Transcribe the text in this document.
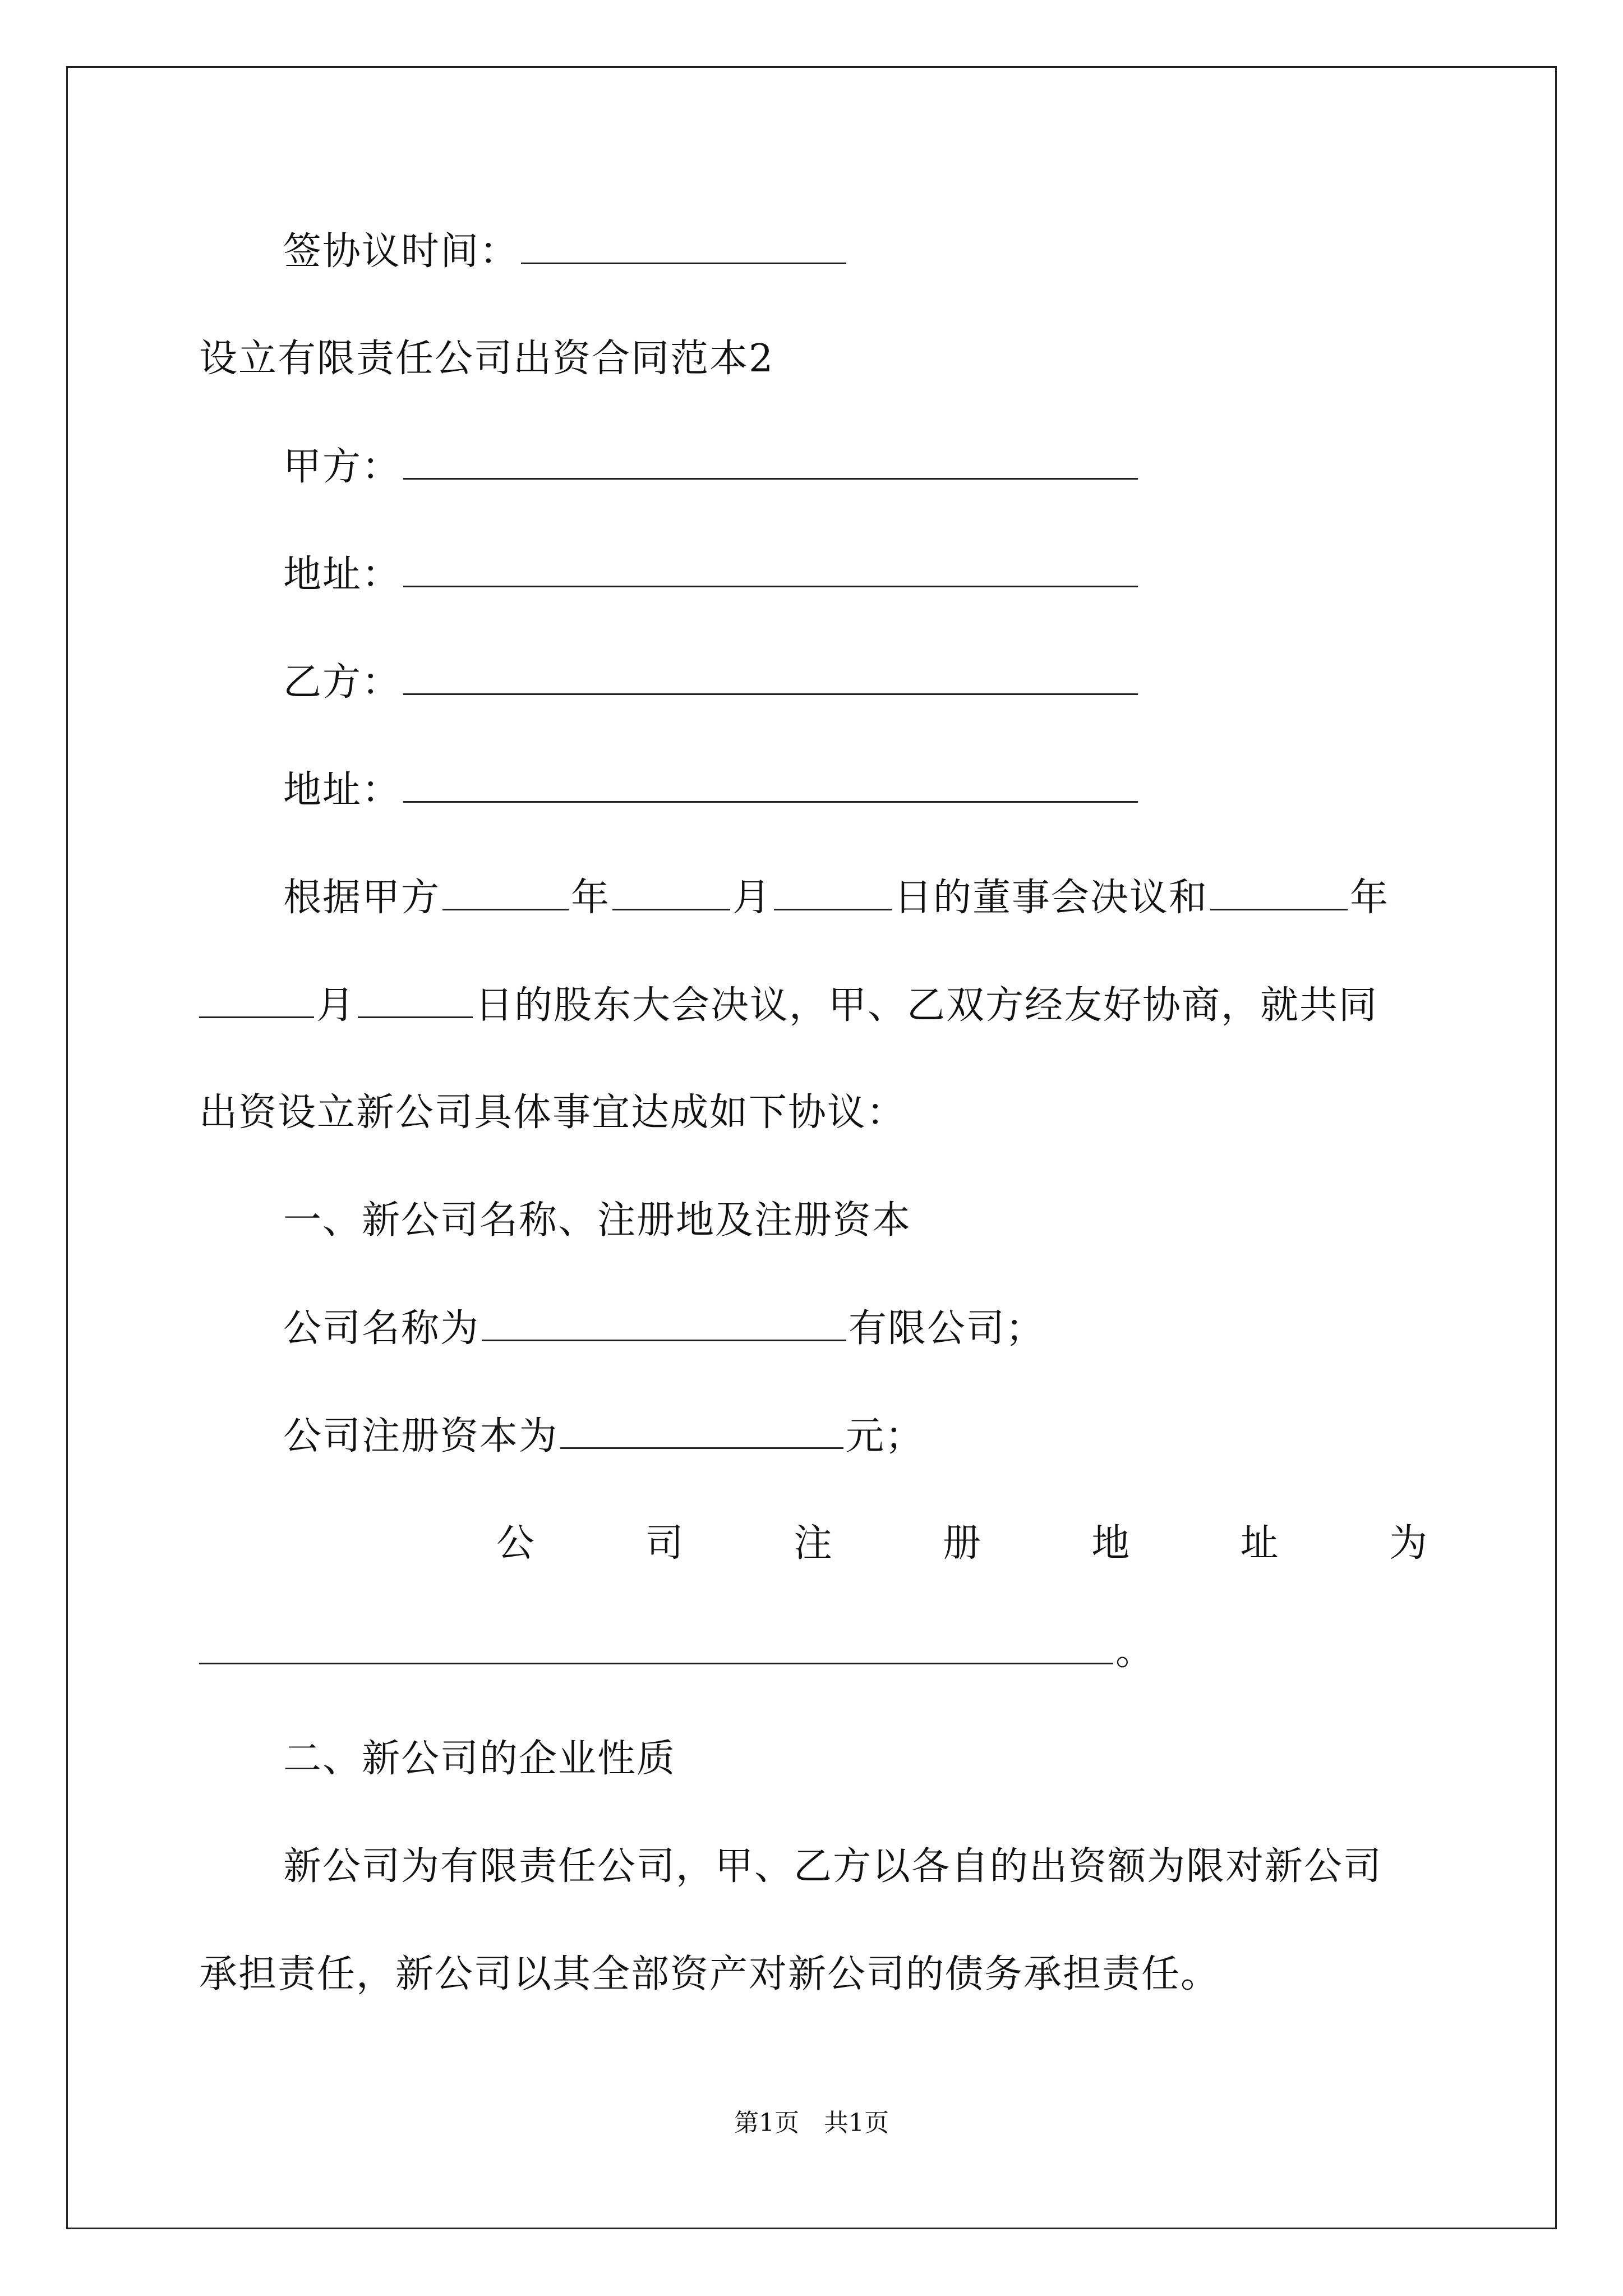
签协议时间：
设立有限责任公司出资合同范本2
甲方：
地址：
乙方：
地址：
根据甲方	年	月	日的董事会决议和	年
月	日的股东大会决议，甲、乙双方经友好协商，就共同
出资设立新公司具体事宜达成如下协议：
一、新公司名称、注册地及注册资本
公司名称为	有限公司；
公司注册资本为	元；
公	司	注	册	地	址	为
。
二、新公司的企业性质
新公司为有限责任公司，甲、乙方以各自的出资额为限对新公司
承担责任，新公司以其全部资产对新公司的债务承担责任。
第1页 共1页
